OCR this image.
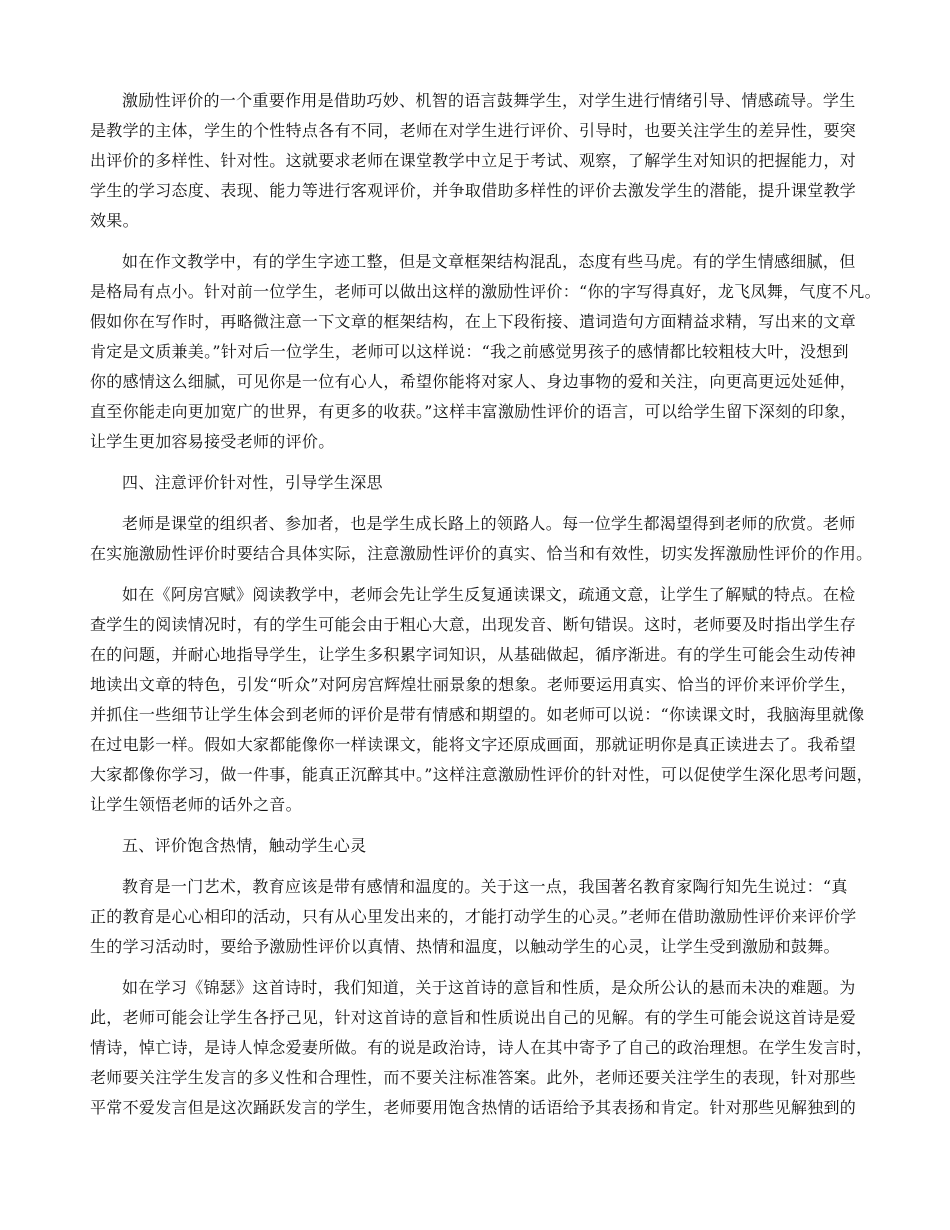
激励性评价的一个重要作用是借助巧妙、机智的语言鼓舞学生，对学生进行情绪引导、情感疏导。学生
是教学的主体，学生的个性特点各有不同，老师在对学生进行评价、引导时，也要关注学生的差异性，要突
出评价的多样性、针对性。这就要求老师在课堂教学中立足于考试、观察，了解学生对知识的把握能力，对
学生的学习态度、表现、能力等进行客观评价，并争取借助多样性的评价去激发学生的潜能，提升课堂教学
效果。
如在作文教学中，有的学生字迹工整，但是文章框架结构混乱，态度有些马虎。有的学生情感细腻，但
是格局有点小。针对前一位学生，老师可以做出这样的激励性评价：“你的字写得真好，龙飞凤舞，气度不凡。
假如你在写作时，再略微注意一下文章的框架结构，在上下段衔接、遣词造句方面精益求精，写出来的文章
肯定是文质兼美。”针对后一位学生，老师可以这样说：“我之前感觉男孩子的感情都比较粗枝大叶，没想到
你的感情这么细腻，可见你是一位有心人，希望你能将对家人、身边事物的爱和关注，向更高更远处延伸，
直至你能走向更加宽广的世界，有更多的收获。”这样丰富激励性评价的语言，可以给学生留下深刻的印象，
让学生更加容易接受老师的评价。
四、注意评价针对性，引导学生深思
老师是课堂的组织者、参加者，也是学生成长路上的领路人。每一位学生都渴望得到老师的欣赏。老师
在实施激励性评价时要结合具体实际，注意激励性评价的真实、恰当和有效性，切实发挥激励性评价的作用。
如在《阿房宫赋》阅读教学中，老师会先让学生反复通读课文，疏通文意，让学生了解赋的特点。在检
查学生的阅读情况时，有的学生可能会由于粗心大意，出现发音、断句错误。这时，老师要及时指出学生存
在的问题，并耐心地指导学生，让学生多积累字词知识，从基础做起，循序渐进。有的学生可能会生动传神
地读出文章的特色，引发“听众”对阿房宫辉煌壮丽景象的想象。老师要运用真实、恰当的评价来评价学生，
并抓住一些细节让学生体会到老师的评价是带有情感和期望的。如老师可以说：“你读课文时，我脑海里就像
在过电影一样。假如大家都能像你一样读课文，能将文字还原成画面，那就证明你是真正读进去了。我希望
大家都像你学习，做一件事，能真正沉醉其中。”这样注意激励性评价的针对性，可以促使学生深化思考问题，
让学生领悟老师的话外之音。
五、评价饱含热情，触动学生心灵
教育是一门艺术，教育应该是带有感情和温度的。关于这一点，我国著名教育家陶行知先生说过：“真
正的教育是心心相印的活动，只有从心里发出来的，才能打动学生的心灵。”老师在借助激励性评价来评价学
生的学习活动时，要给予激励性评价以真情、热情和温度，以触动学生的心灵，让学生受到激励和鼓舞。
如在学习《锦瑟》这首诗时，我们知道，关于这首诗的意旨和性质，是众所公认的悬而未决的难题。为
此，老师可能会让学生各抒己见，针对这首诗的意旨和性质说出自己的见解。有的学生可能会说这首诗是爱
情诗，悼亡诗，是诗人悼念爱妻所做。有的说是政治诗，诗人在其中寄予了自己的政治理想。在学生发言时，
老师要关注学生发言的多义性和合理性，而不要关注标准答案。此外，老师还要关注学生的表现，针对那些
平常不爱发言但是这次踊跃发言的学生，老师要用饱含热情的话语给予其表扬和肯定。针对那些见解独到的
